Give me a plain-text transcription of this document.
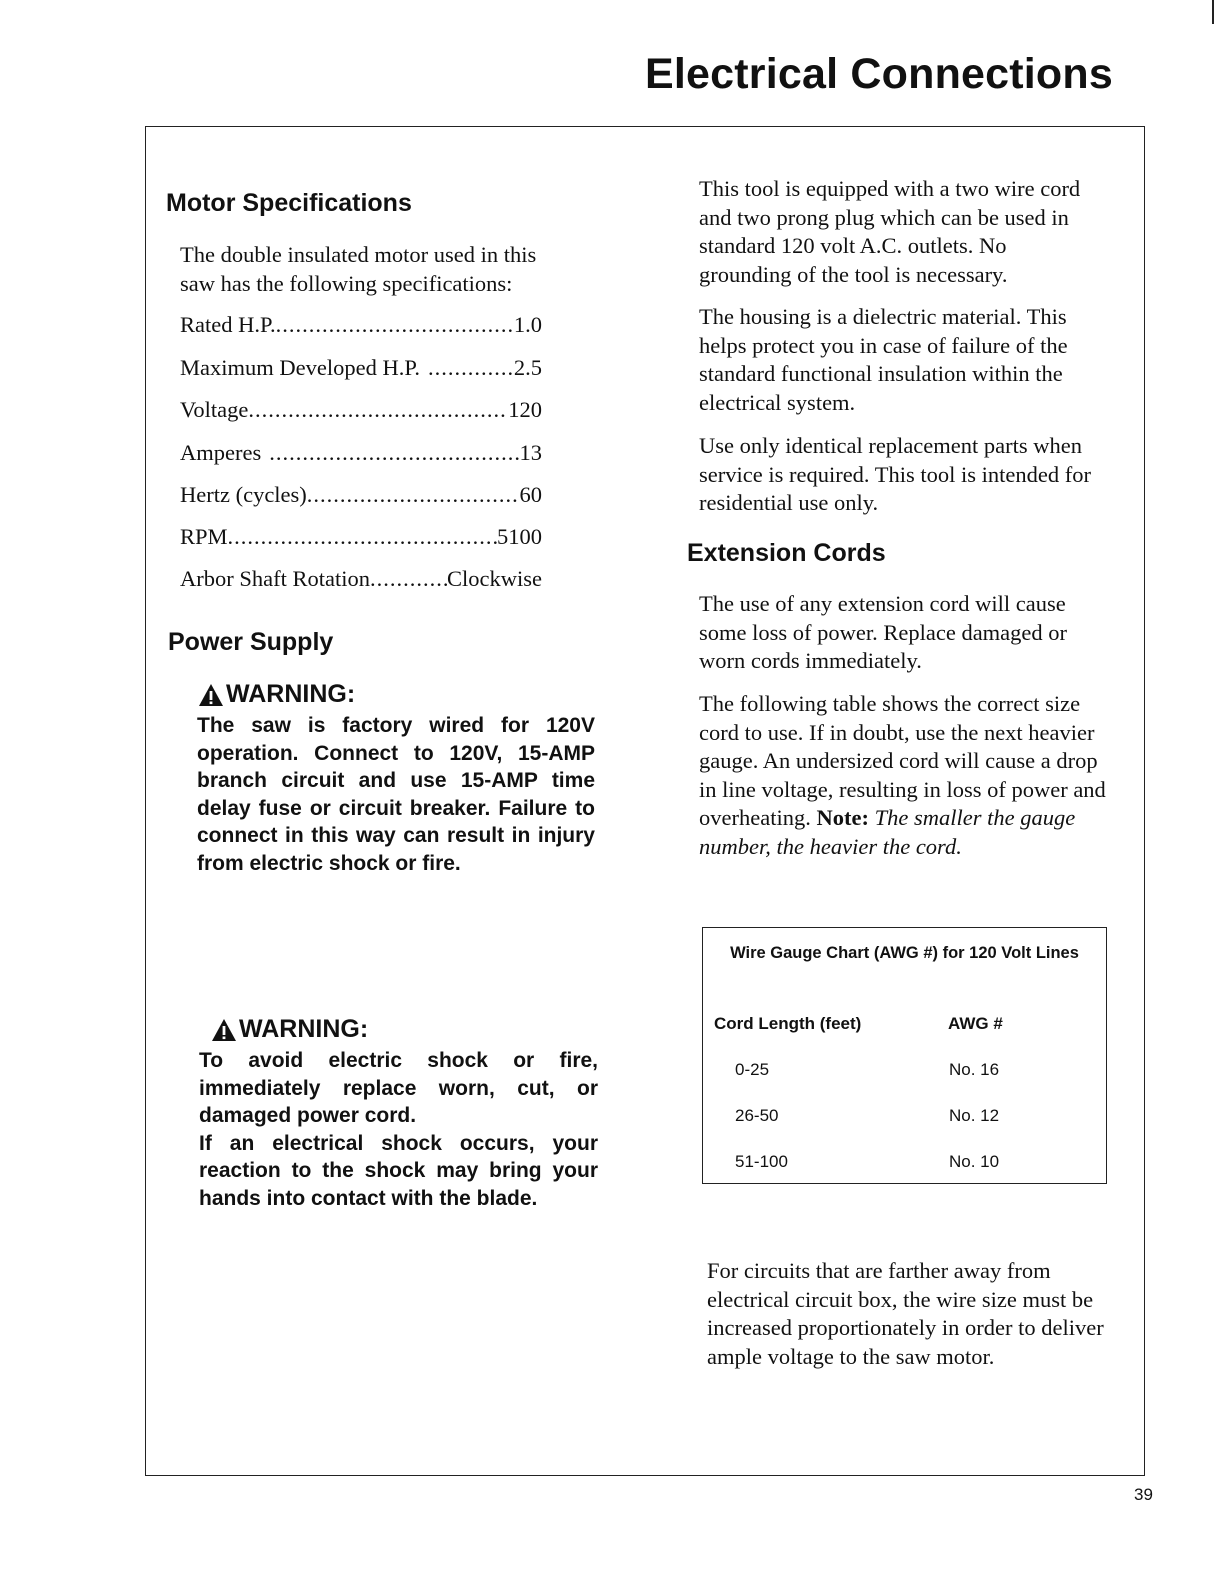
Electrical Connections
Motor Specifications
The double insulated motor used in this
saw has the following specifications:
Rated H.P. .....	1.0
Maximum Developed H.P. .....	2.5
Voltage .....	120
Amperes .....	13
Hertz (cycles) .....	60
RPM .....	5100
Arbor Shaft Rotation .....	Clockwise
Power Supply
WARNING:
The saw is factory wired for 120V operation. Connect to 120V, 15-AMP branch circuit and use 15-AMP time delay fuse or circuit breaker. Failure to connect in this way can result in injury from electric shock or fire.
WARNING:
To avoid electric shock or fire, immediately replace worn, cut, or damaged power cord.
If an electrical shock occurs, your reaction to the shock may bring your hands into contact with the blade.
This tool is equipped with a two wire cord and two prong plug which can be used in standard 120 volt A.C. outlets. No grounding of the tool is necessary.
The housing is a dielectric material. This helps protect you in case of failure of the standard functional insulation within the electrical system.
Use only identical replacement parts when service is required. This tool is intended for residential use only.
Extension Cords
The use of any extension cord will cause some loss of power. Replace damaged or worn cords immediately.
The following table shows the correct size cord to use. If in doubt, use the next heavier gauge. An undersized cord will cause a drop in line voltage, resulting in loss of power and overheating. Note: The smaller the gauge number, the heavier the cord.
Wire Gauge Chart (AWG #) for 120 Volt Lines
Cord Length (feet)	AWG #
0-25	No. 16
26-50	No. 12
51-100	No. 10
For circuits that are farther away from electrical circuit box, the wire size must be increased proportionately in order to deliver ample voltage to the saw motor.
39
